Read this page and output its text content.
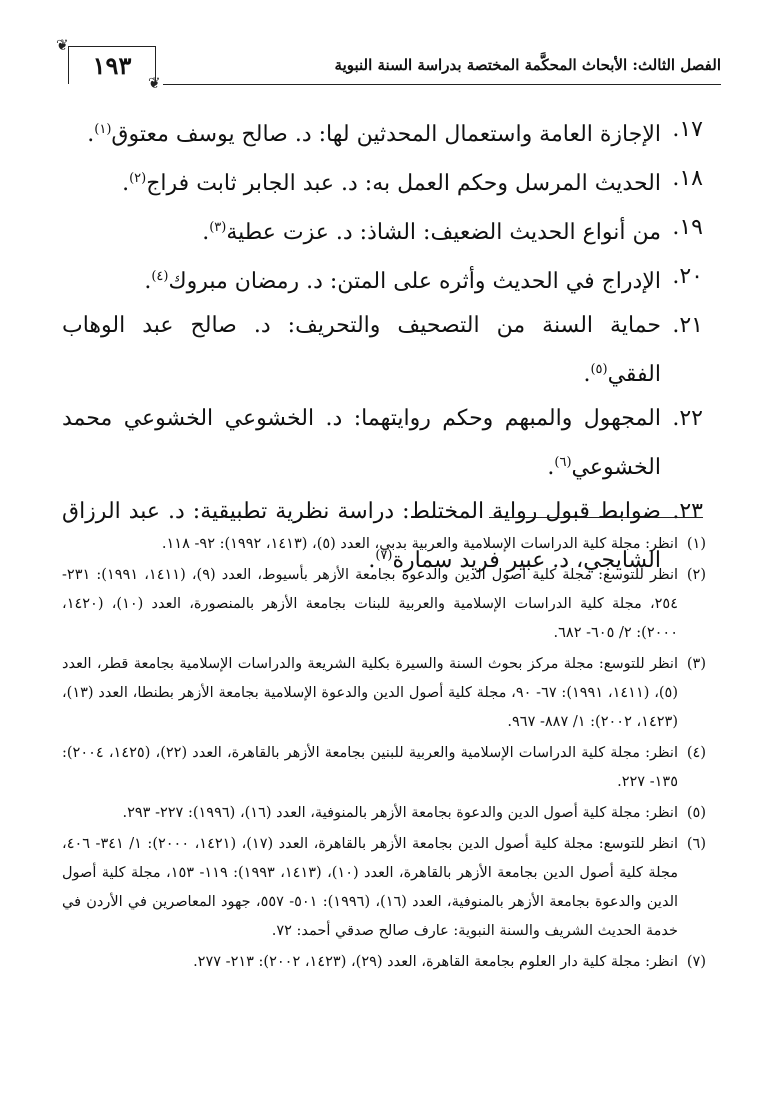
الفصل الثالث: الأبحاث المحكَّمة المختصة بدراسة السنة النبوية
١٩٣
❦
❦
١٧.
الإجازة العامة واستعمال المحدثين لها: د. صالح يوسف معتوق$^{(١)}$.
١٨.
الحديث المرسل وحكم العمل به: د. عبد الجابر ثابت فراج$^{(٢)}$.
١٩.
من أنواع الحديث الضعيف: الشاذ: د. عزت عطية$^{(٣)}$.
٢٠.
الإدراج في الحديث وأثره على المتن: د. رمضان مبروك$^{(٤)}$.
٢١.
حماية السنة من التصحيف والتحريف: د. صالح عبد الوهاب الفقي$^{(٥)}$.
٢٢.
المجهول والمبهم وحكم روايتهما: د. الخشوعي الخشوعي محمد الخشوعي$^{(٦)}$.
٢٣.
ضوابط قبول رواية المختلط: دراسة نظرية تطبيقية: د. عبد الرزاق الشايجي، د. عبير فريد سمارة$^{(٧)}$.
(١)
انظر: مجلة كلية الدراسات الإسلامية والعربية بدبي، العدد (٥)، (١٤١٣، ١٩٩٢): ٩٢- ١١٨.
(٢)
انظر للتوسع: مجلة كلية أصول الدين والدعوة بجامعة الأزهر بأسيوط، العدد (٩)، (١٤١١، ١٩٩١): ٢٣١- ٢٥٤، مجلة كلية الدراسات الإسلامية والعربية للبنات بجامعة الأزهر بالمنصورة، العدد (١٠)، (١٤٢٠، ٢٠٠٠): ٢/ ٦٠٥- ٦٨٢.
(٣)
انظر للتوسع: مجلة مركز بحوث السنة والسيرة بكلية الشريعة والدراسات الإسلامية بجامعة قطر، العدد (٥)، (١٤١١، ١٩٩١): ٦٧- ٩٠، مجلة كلية أصول الدين والدعوة الإسلامية بجامعة الأزهر بطنطا، العدد (١٣)، (١٤٢٣، ٢٠٠٢): ١/ ٨٨٧- ٩٦٧.
(٤)
انظر: مجلة كلية الدراسات الإسلامية والعربية للبنين بجامعة الأزهر بالقاهرة، العدد (٢٢)، (١٤٢٥، ٢٠٠٤): ١٣٥- ٢٢٧.
(٥)
انظر: مجلة كلية أصول الدين والدعوة بجامعة الأزهر بالمنوفية، العدد (١٦)، (١٩٩٦): ٢٢٧- ٢٩٣.
(٦)
انظر للتوسع: مجلة كلية أصول الدين بجامعة الأزهر بالقاهرة، العدد (١٧)، (١٤٢١، ٢٠٠٠): ١/ ٣٤١- ٤٠٦، مجلة كلية أصول الدين بجامعة الأزهر بالقاهرة، العدد (١٠)، (١٤١٣، ١٩٩٣): ١١٩- ١٥٣، مجلة كلية أصول الدين والدعوة بجامعة الأزهر بالمنوفية، العدد (١٦)، (١٩٩٦): ٥٠١- ٥٥٧، جهود المعاصرين في الأردن في خدمة الحديث الشريف والسنة النبوية: عارف صالح صدقي أحمد: ٧٢.
(٧)
انظر: مجلة كلية دار العلوم بجامعة القاهرة، العدد (٢٩)، (١٤٢٣، ٢٠٠٢): ٢١٣- ٢٧٧.
